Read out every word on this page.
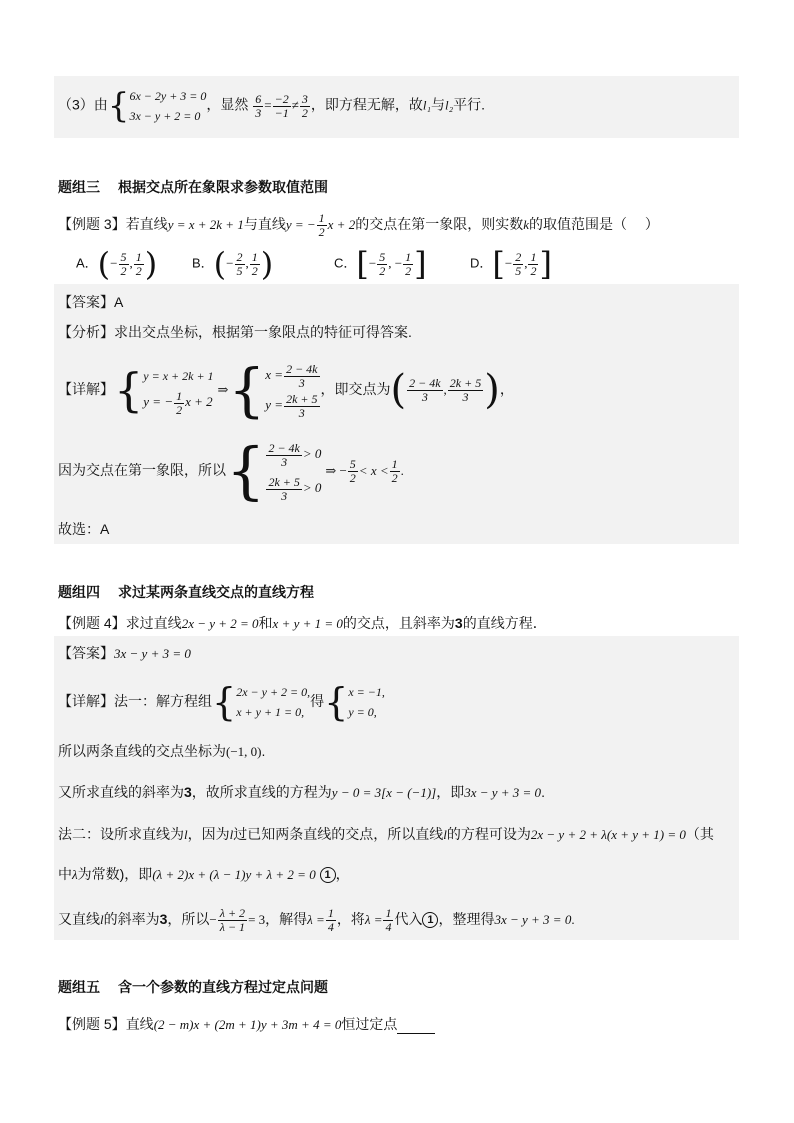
（3）由{6x − 2y + 3 = 0
3x − y + 2 = 0，显然 $\frac{6}{3} = \frac{-2}{-1} \ne \frac{3}{2}$ ，即方程无解，故l₁与l₂平行.
题组三 根据交点所在象限求参数取值范围
【例题 3】若直线y = x + 2k + 1与直线y = − $\frac{1}{2}$ x + 2的交点在第一象限，则实数k的取值范围是（　 ）
A．(− $\frac{5}{2}$ , $\frac{1}{2}$ )	B．(− $\frac{2}{5}$ , $\frac{1}{2}$ )	C．[− $\frac{5}{2}$ , − $\frac{1}{2}$ ]	D．[− $\frac{2}{5}$ , $\frac{1}{2}$ ]
【答案】A
【分析】求出交点坐标，根据第一象限点的特征可得答案.
【详解】{y = x + 2k + 1
y = − $\frac{1}{2}$ x + 2 ⇒{x = $\frac{2 - 4k}{3}$

$y = \frac{2k + 5}{3}$
，即交点为( $\frac{2 - 4k}{3}$ , $\frac{2k + 5}{3}$ )，
因为交点在第一象限，所以{ $\frac{2 - 4k}{3} > 0$

$\frac{2k + 5}{3} > 0$ ⇒ − $\frac{5}{2} < x < \frac{1}{2}$ .
故选：A
题组四 求过某两条直线交点的直线方程
【例题 4】求过直线2x − y + 2 = 0和x + y + 1 = 0的交点，且斜率为3的直线方程．
【答案】3x − y + 3 = 0
【详解】法一：解方程组{2x − y + 2 = 0,
x + y + 1 = 0,得{x = −1,
y = 0,
所以两条直线的交点坐标为(−1, 0).
又所求直线的斜率为3，故所求直线的方程为y − 0 = 3[x − (−1)]，即3x − y + 3 = 0.
法二：设所求直线为l，因为l过已知两条直线的交点，所以直线l的方程可设为2x − y + 2 + λ(x + y + 1) = 0（其
中λ为常数)，即(λ + 2)x + (λ − 1)y + λ + 2 = 0 1 ，
又直线l的斜率为3，所以− $\frac{\lambda + 2}{\lambda - 1} = 3$，解得$\lambda = \frac{1}{4}$ ，将$\lambda = \frac{1}{4}$ 代入 1 ，整理得3x − y + 3 = 0.
题组五 含一个参数的直线方程过定点问题
【例题 5】直线(2 − m)x + (2m + 1)y + 3m + 4 = 0恒过定点
